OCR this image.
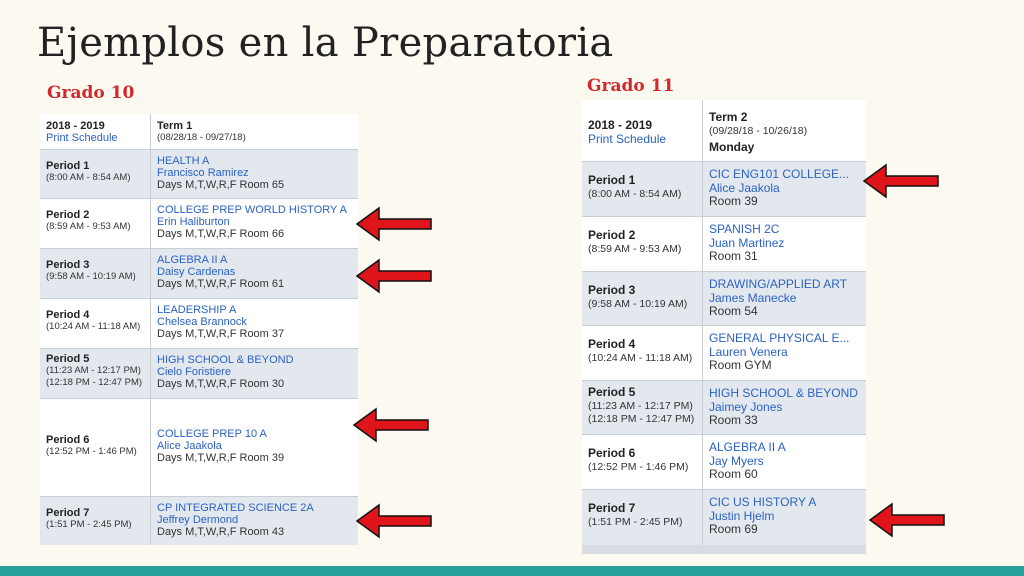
Ejemplos en la Preparatoria
Grado 10	Grado 11
2018 - 2019
Print Schedule
Term 1
(08/28/18 - 09/27/18)
Period 1
(8:00 AM - 8:54 AM)
HEALTH A
Francisco Ramirez
Days M,T,W,R,F Room 65
Period 2
(8:59 AM - 9:53 AM)
COLLEGE PREP WORLD HISTORY A
Erin Haliburton
Days M,T,W,R,F Room 66
Period 3
(9:58 AM - 10:19 AM)
ALGEBRA II A
Daisy Cardenas
Days M,T,W,R,F Room 61
Period 4
(10:24 AM - 11:18 AM)
LEADERSHIP A
Chelsea Brannock
Days M,T,W,R,F Room 37
Period 5
(11:23 AM - 12:17 PM)
(12:18 PM - 12:47 PM)
HIGH SCHOOL & BEYOND
Cielo Foristiere
Days M,T,W,R,F Room 30
Period 6
(12:52 PM - 1:46 PM)
COLLEGE PREP 10 A
Alice Jaakola
Days M,T,W,R,F Room 39
Period 7
(1:51 PM - 2:45 PM)
CP INTEGRATED SCIENCE 2A
Jeffrey Dermond
Days M,T,W,R,F Room 43
2018 - 2019
Print Schedule
Term 2
(09/28/18 - 10/26/18)
Monday
Period 1
(8:00 AM - 8:54 AM)
CIC ENG101 COLLEGE...
Alice Jaakola
Room 39
Period 2
(8:59 AM - 9:53 AM)
SPANISH 2C
Juan Martinez
Room 31
Period 3
(9:58 AM - 10:19 AM)
DRAWING/APPLIED ART
James Manecke
Room 54
Period 4
(10:24 AM - 11:18 AM)
GENERAL PHYSICAL E...
Lauren Venera
Room GYM
Period 5
(11:23 AM - 12:17 PM)
(12:18 PM - 12:47 PM)
HIGH SCHOOL & BEYOND
Jaimey Jones
Room 33
Period 6
(12:52 PM - 1:46 PM)
ALGEBRA II A
Jay Myers
Room 60
Period 7
(1:51 PM - 2:45 PM)
CIC US HISTORY A
Justin Hjelm
Room 69
